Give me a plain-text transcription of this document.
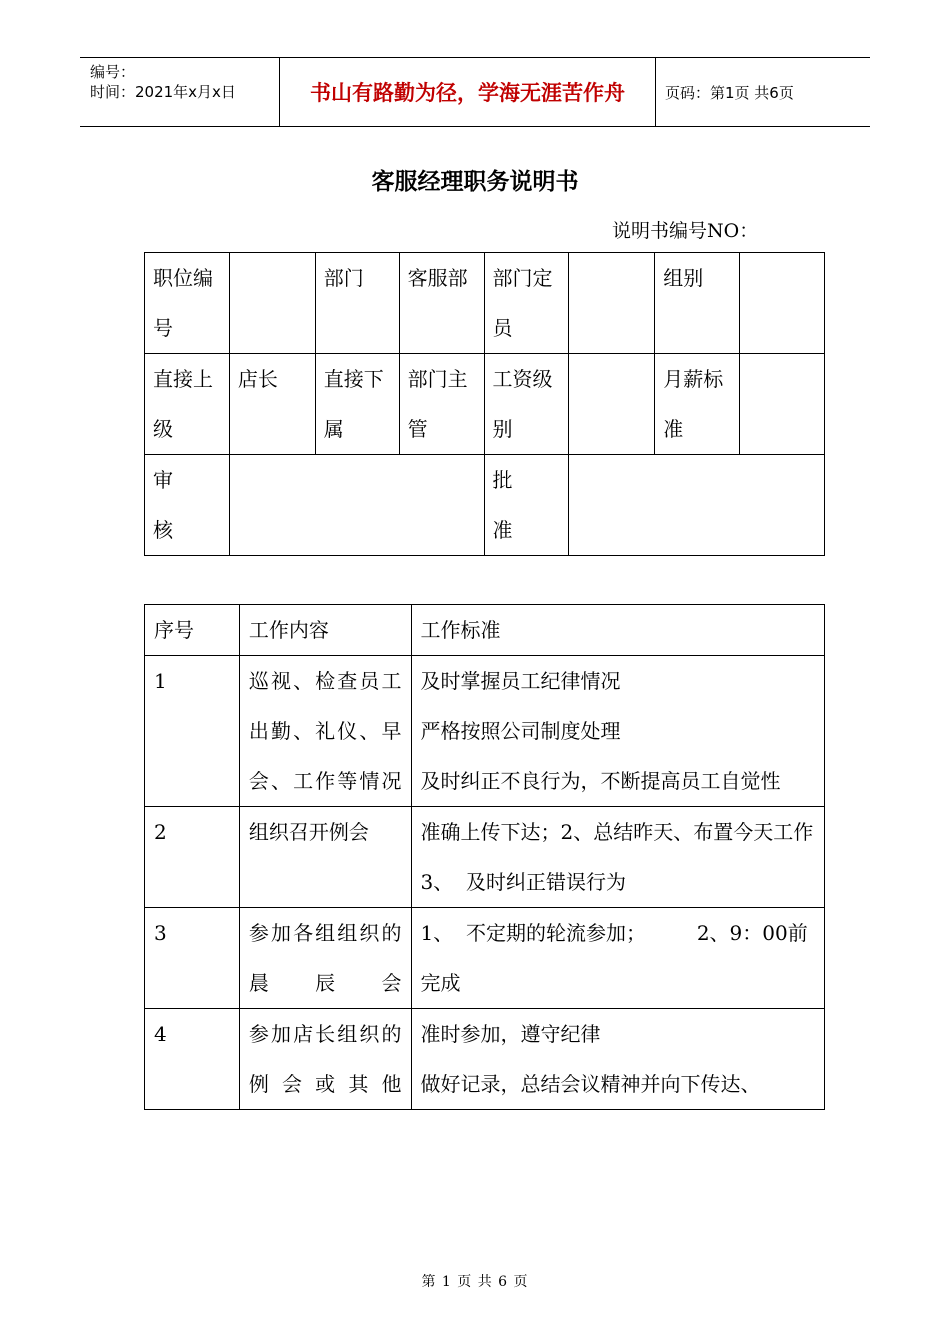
编号：
时间：2021年x月x日	书山有路勤为径，学海无涯苦作舟	页码：第1页 共6页
客服经理职务说明书
说明书编号NO：
职位编号		部门	客服部	部门定员		组别	
直接上级	店长	直接下属	部门主管	工资级别		月薪标准	

审核				批准			

序号	工作内容	工作标准
1	巡视、检查员工出勤、礼仪、早会、工作等情况	及时掌握员工纪律情况
严格按照公司制度处理
及时纠正不良行为，不断提高员工自觉性

2	组织召开例会	准确上传下达；2、总结昨天、布置今天工作
3、  及时纠正错误行为

3	参加各组组织的晨辰会	1、  不定期的轮流参加；        2、9：00前完成

4	参加店长组织的例会或其他	准时参加，遵守纪律
做好记录，总结会议精神并向下传达、
第 1 页 共 6 页
